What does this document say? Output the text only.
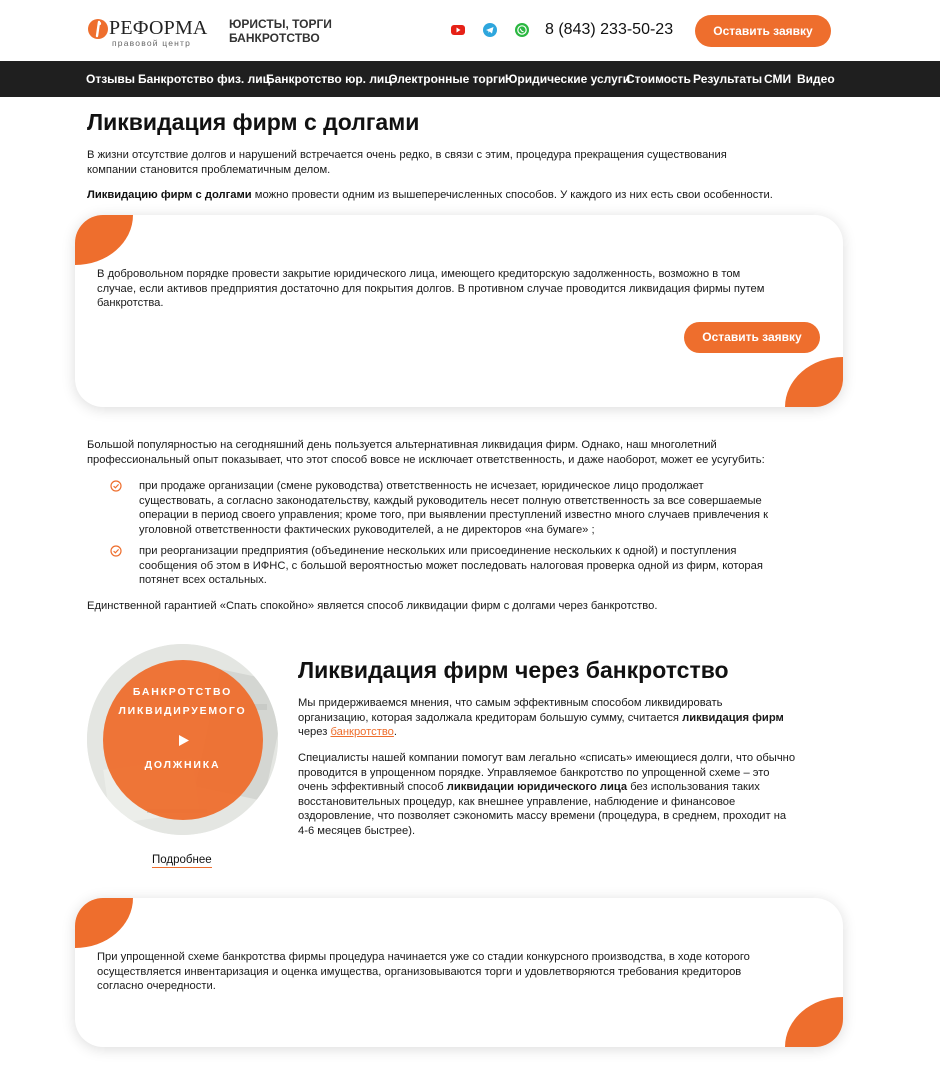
РЕФОРМА
правовой центр
ЮРИСТЫ, ТОРГИ
БАНКРОТСТВО	8 (843) 233-50-23	Оставить заявку
Отзывы Банкротство физ. лиц
Банкротство юр. лиц
Электронные торги Юридические услуги
Стоимость Результаты СМИ Видео
Ликвидация фирм с долгами
В жизни отсутствие долгов и нарушений встречается очень редко, в связи с этим, процедура прекращения существования
компании становится проблематичным делом.
Ликвидацию фирм с долгами можно провести одним из вышеперечисленных способов. У каждого из них есть свои особенности.
В добровольном порядке провести закрытие юридического лица, имеющего кредиторскую задолженность, возможно в том
случае, если активов предприятия достаточно для покрытия долгов. В противном случае проводится ликвидация фирмы путем
банкротства.
Оставить заявку
Большой популярностью на сегодняшний день пользуется альтернативная ликвидация фирм. Однако, наш многолетний
профессиональный опыт показывает, что этот способ вовсе не исключает ответственность, и даже наоборот, может ее усугубить:
при продаже организации (смене руководства) ответственность не исчезает, юридическое лицо продолжает
существовать, а согласно законодательству, каждый руководитель несет полную ответственность за все совершаемые
операции в период своего управления; кроме того, при выявлении преступлений известно много случаев привлечения к
уголовной ответственности фактических руководителей, а не директоров «на бумаге» ;
при реорганизации предприятия (объединение нескольких или присоединение нескольких к одной) и поступления
сообщения об этом в ИФНС, с большой вероятностью может последовать налоговая проверка одной из фирм, которая
потянет всех остальных.
Единственной гарантией «Спать спокойно» является способ ликвидации фирм с долгами через банкротство.
БАНКРОТСТВО
ЛИКВИДИРУЕМОГО
ДОЛЖНИКА
Подробнее
Ликвидация фирм через банкротство
Мы придерживаемся мнения, что самым эффективным способом ликвидировать
организацию, которая задолжала кредиторам большую сумму, считается ликвидация фирм
через банкротство.
Специалисты нашей компании помогут вам легально «списать» имеющиеся долги, что обычно
проводится в упрощенном порядке. Управляемое банкротство по упрощенной схеме – это
очень эффективный способ ликвидации юридического лица без использования таких
восстановительных процедур, как внешнее управление, наблюдение и финансовое
оздоровление, что позволяет сэкономить массу времени (процедура, в среднем, проходит на
4-6 месяцев быстрее).
При упрощенной схеме банкротства фирмы процедура начинается уже со стадии конкурсного производства, в ходе которого
осуществляется инвентаризация и оценка имущества, организовываются торги и удовлетворяются требования кредиторов
согласно очередности.
